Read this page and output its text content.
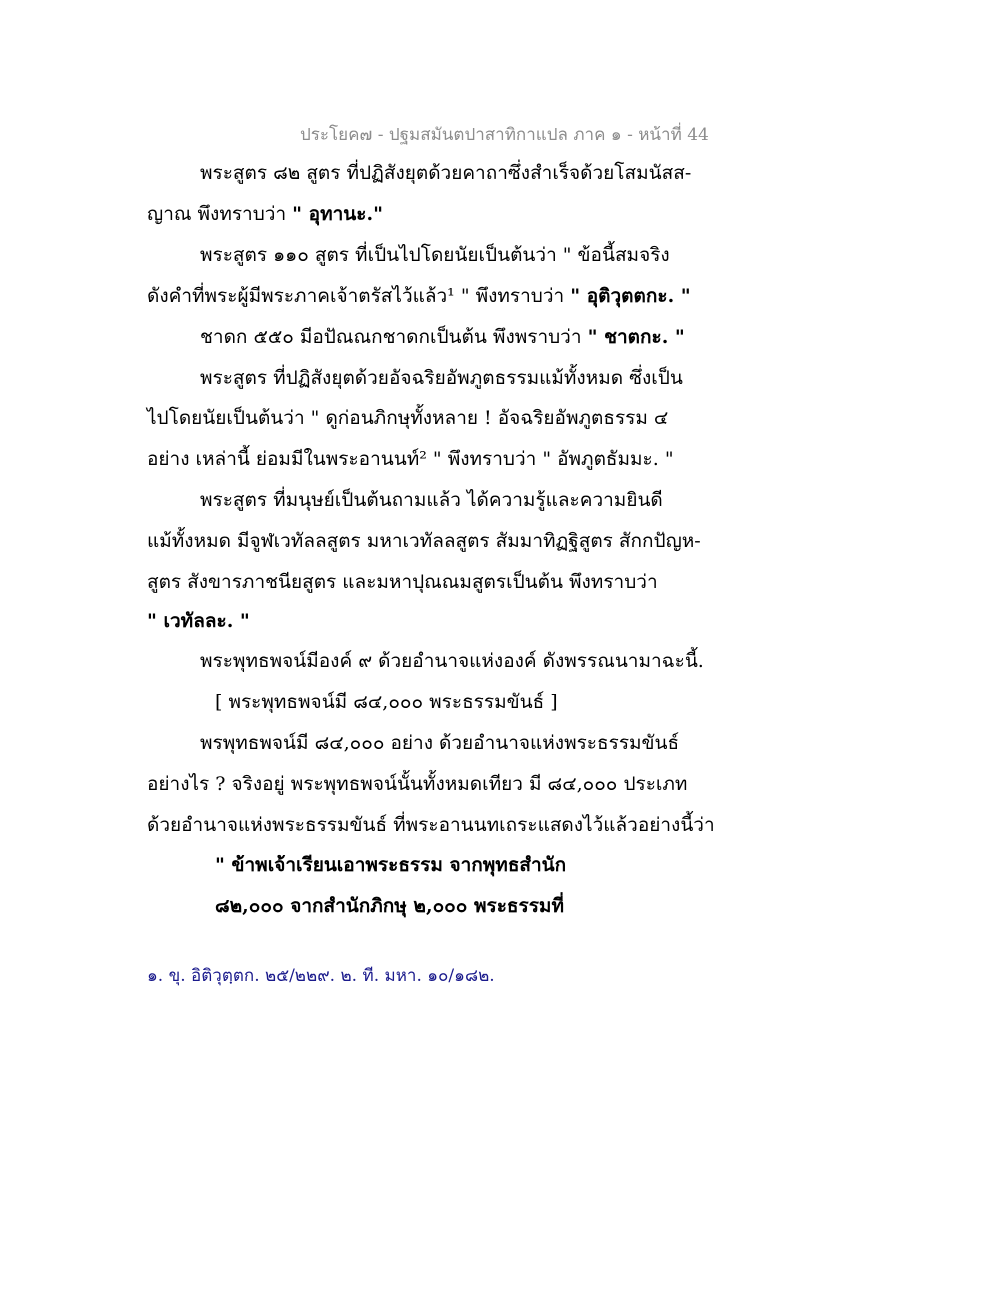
ประโยค๗ - ปฐมสมันตปาสาทิกาแปล ภาค ๑ - หน้าที่ 44
พระสูตร ๘๒ สูตร ที่ปฏิสังยุตด้วยคาถาซึ่งสำเร็จด้วยโสมนัสส-
ญาณ พึงทราบว่า " อุทานะ."
พระสูตร ๑๑๐ สูตร ที่เป็นไปโดยนัยเป็นต้นว่า " ข้อนี้สมจริง
ดังคำที่พระผู้มีพระภาคเจ้าตรัสไว้แล้ว¹ " พึงทราบว่า " อุติวุตตกะ. "
ชาดก ๕๕๐ มีอปัณณกชาดกเป็นต้น พึงพราบว่า " ชาตกะ. "
พระสูตร ที่ปฏิสังยุตด้วยอัจฉริยอัพภูตธรรมแม้ทั้งหมด ซึ่งเป็น
ไปโดยนัยเป็นต้นว่า " ดูก่อนภิกษุทั้งหลาย ! อัจฉริยอัพภูตธรรม ๔
อย่าง เหล่านี้ ย่อมมีในพระอานนท์² " พึงทราบว่า " อัพภูตธัมมะ. "
พระสูตร ที่มนุษย์เป็นต้นถามแล้ว ได้ความรู้และความยินดี
แม้ทั้งหมด มีจูฬเวทัลลสูตร มหาเวทัลลสูตร สัมมาทิฏฐิสูตร สักกปัญห-
สูตร สังขารภาชนียสูตร และมหาปุณณมสูตรเป็นต้น พึงทราบว่า
" เวทัลละ. "
พระพุทธพจน์มีองค์ ๙ ด้วยอำนาจแห่งองค์ ดังพรรณนามาฉะนี้.
[ พระพุทธพจน์มี ๘๔,๐๐๐ พระธรรมขันธ์ ]
พรพุทธพจน์มี ๘๔,๐๐๐ อย่าง ด้วยอำนาจแห่งพระธรรมขันธ์
อย่างไร ? จริงอยู่ พระพุทธพจน์นั้นทั้งหมดเทียว มี ๘๔,๐๐๐ ประเภท
ด้วยอำนาจแห่งพระธรรมขันธ์ ที่พระอานนทเถระแสดงไว้แล้วอย่างนี้ว่า
" ข้าพเจ้าเรียนเอาพระธรรม จากพุทธสำนัก
๘๒,๐๐๐ จากสำนักภิกษุ ๒,๐๐๐ พระธรรมที่
๑. ขุ. อิติวุตฺตก. ๒๕/๒๒๙. ๒. ที. มหา. ๑๐/๑๘๒.
